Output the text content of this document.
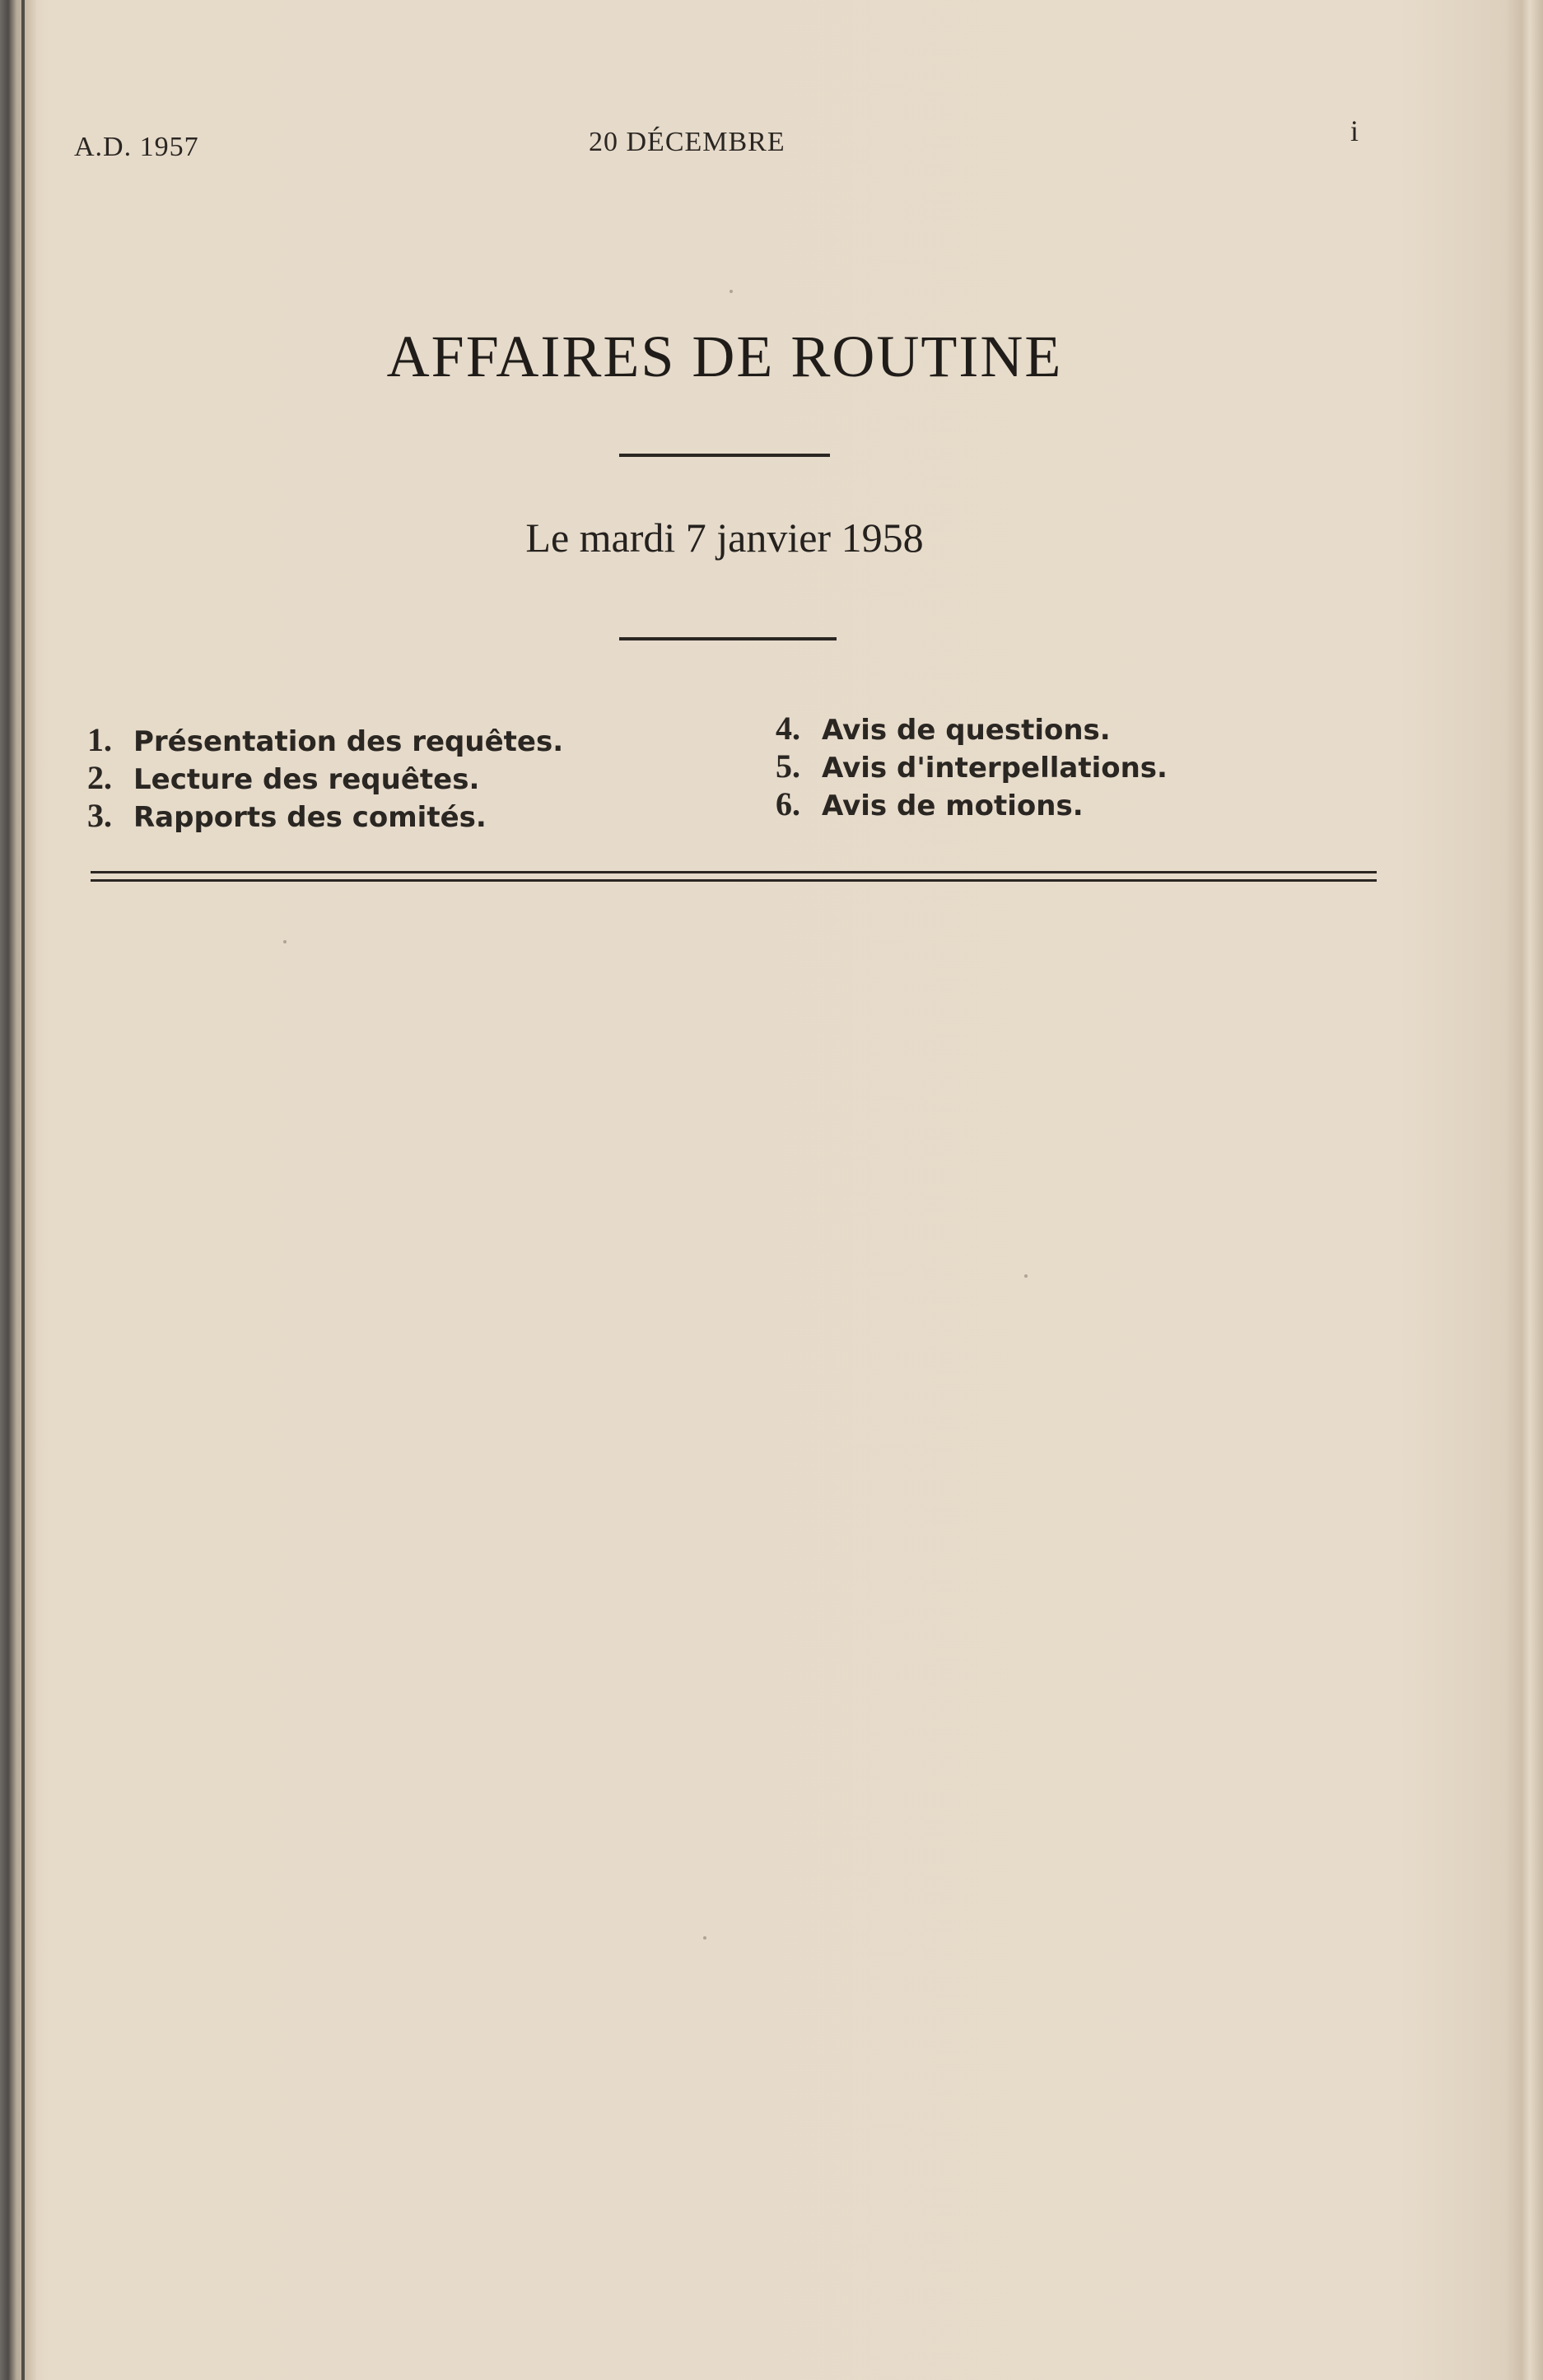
A.D. 1957	20 DÉCEMBRE	i
AFFAIRES DE ROUTINE
Le mardi 7 janvier 1958
1. Présentation des requêtes.
2. Lecture des requêtes.
3. Rapports des comités.
4. Avis de questions.
5. Avis d'interpellations.
6. Avis de motions.
